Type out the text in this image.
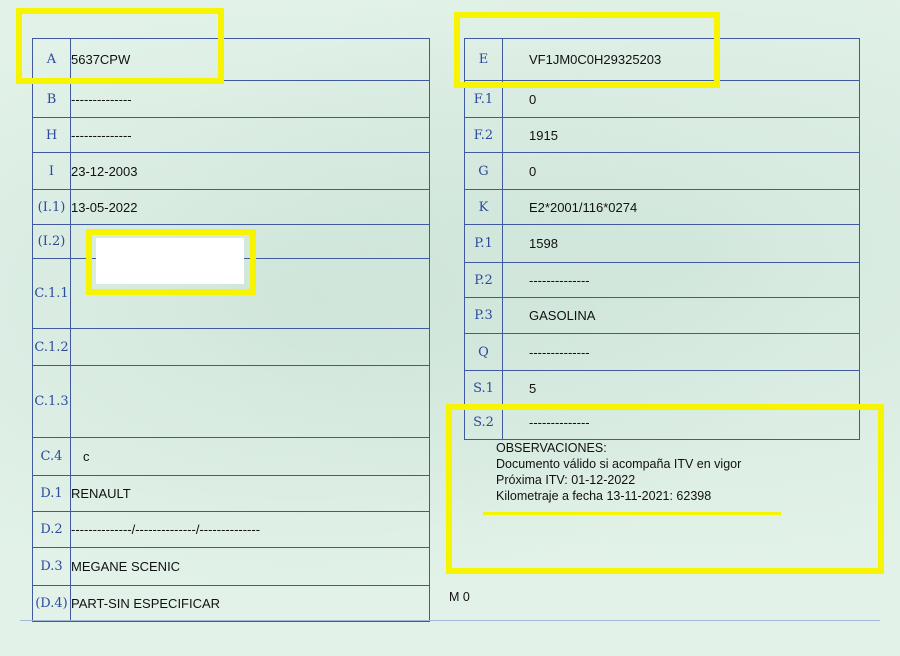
A	5637CPW
B	--------------
H	--------------
I	23-12-2003
(I.1)	13-05-2022
(I.2)	
C.1.1	
C.1.2	
C.1.3	
C.4	c
D.1	RENAULT
D.2	--------------/--------------/--------------
D.3	MEGANE SCENIC
(D.4)	PART-SIN ESPECIFICAR
E	VF1JM0C0H29325203
F.1	0
F.2	1915
G	0
K	E2*2001/116*0274
P.1	1598
P.2	--------------
P.3	GASOLINA
Q	--------------
S.1	5
S.2	--------------
OBSERVACIONES:
Documento válido si acompaña ITV en vigor
Próxima ITV: 01-12-2022
Kilometraje a fecha 13-11-2021: 62398
M 0
